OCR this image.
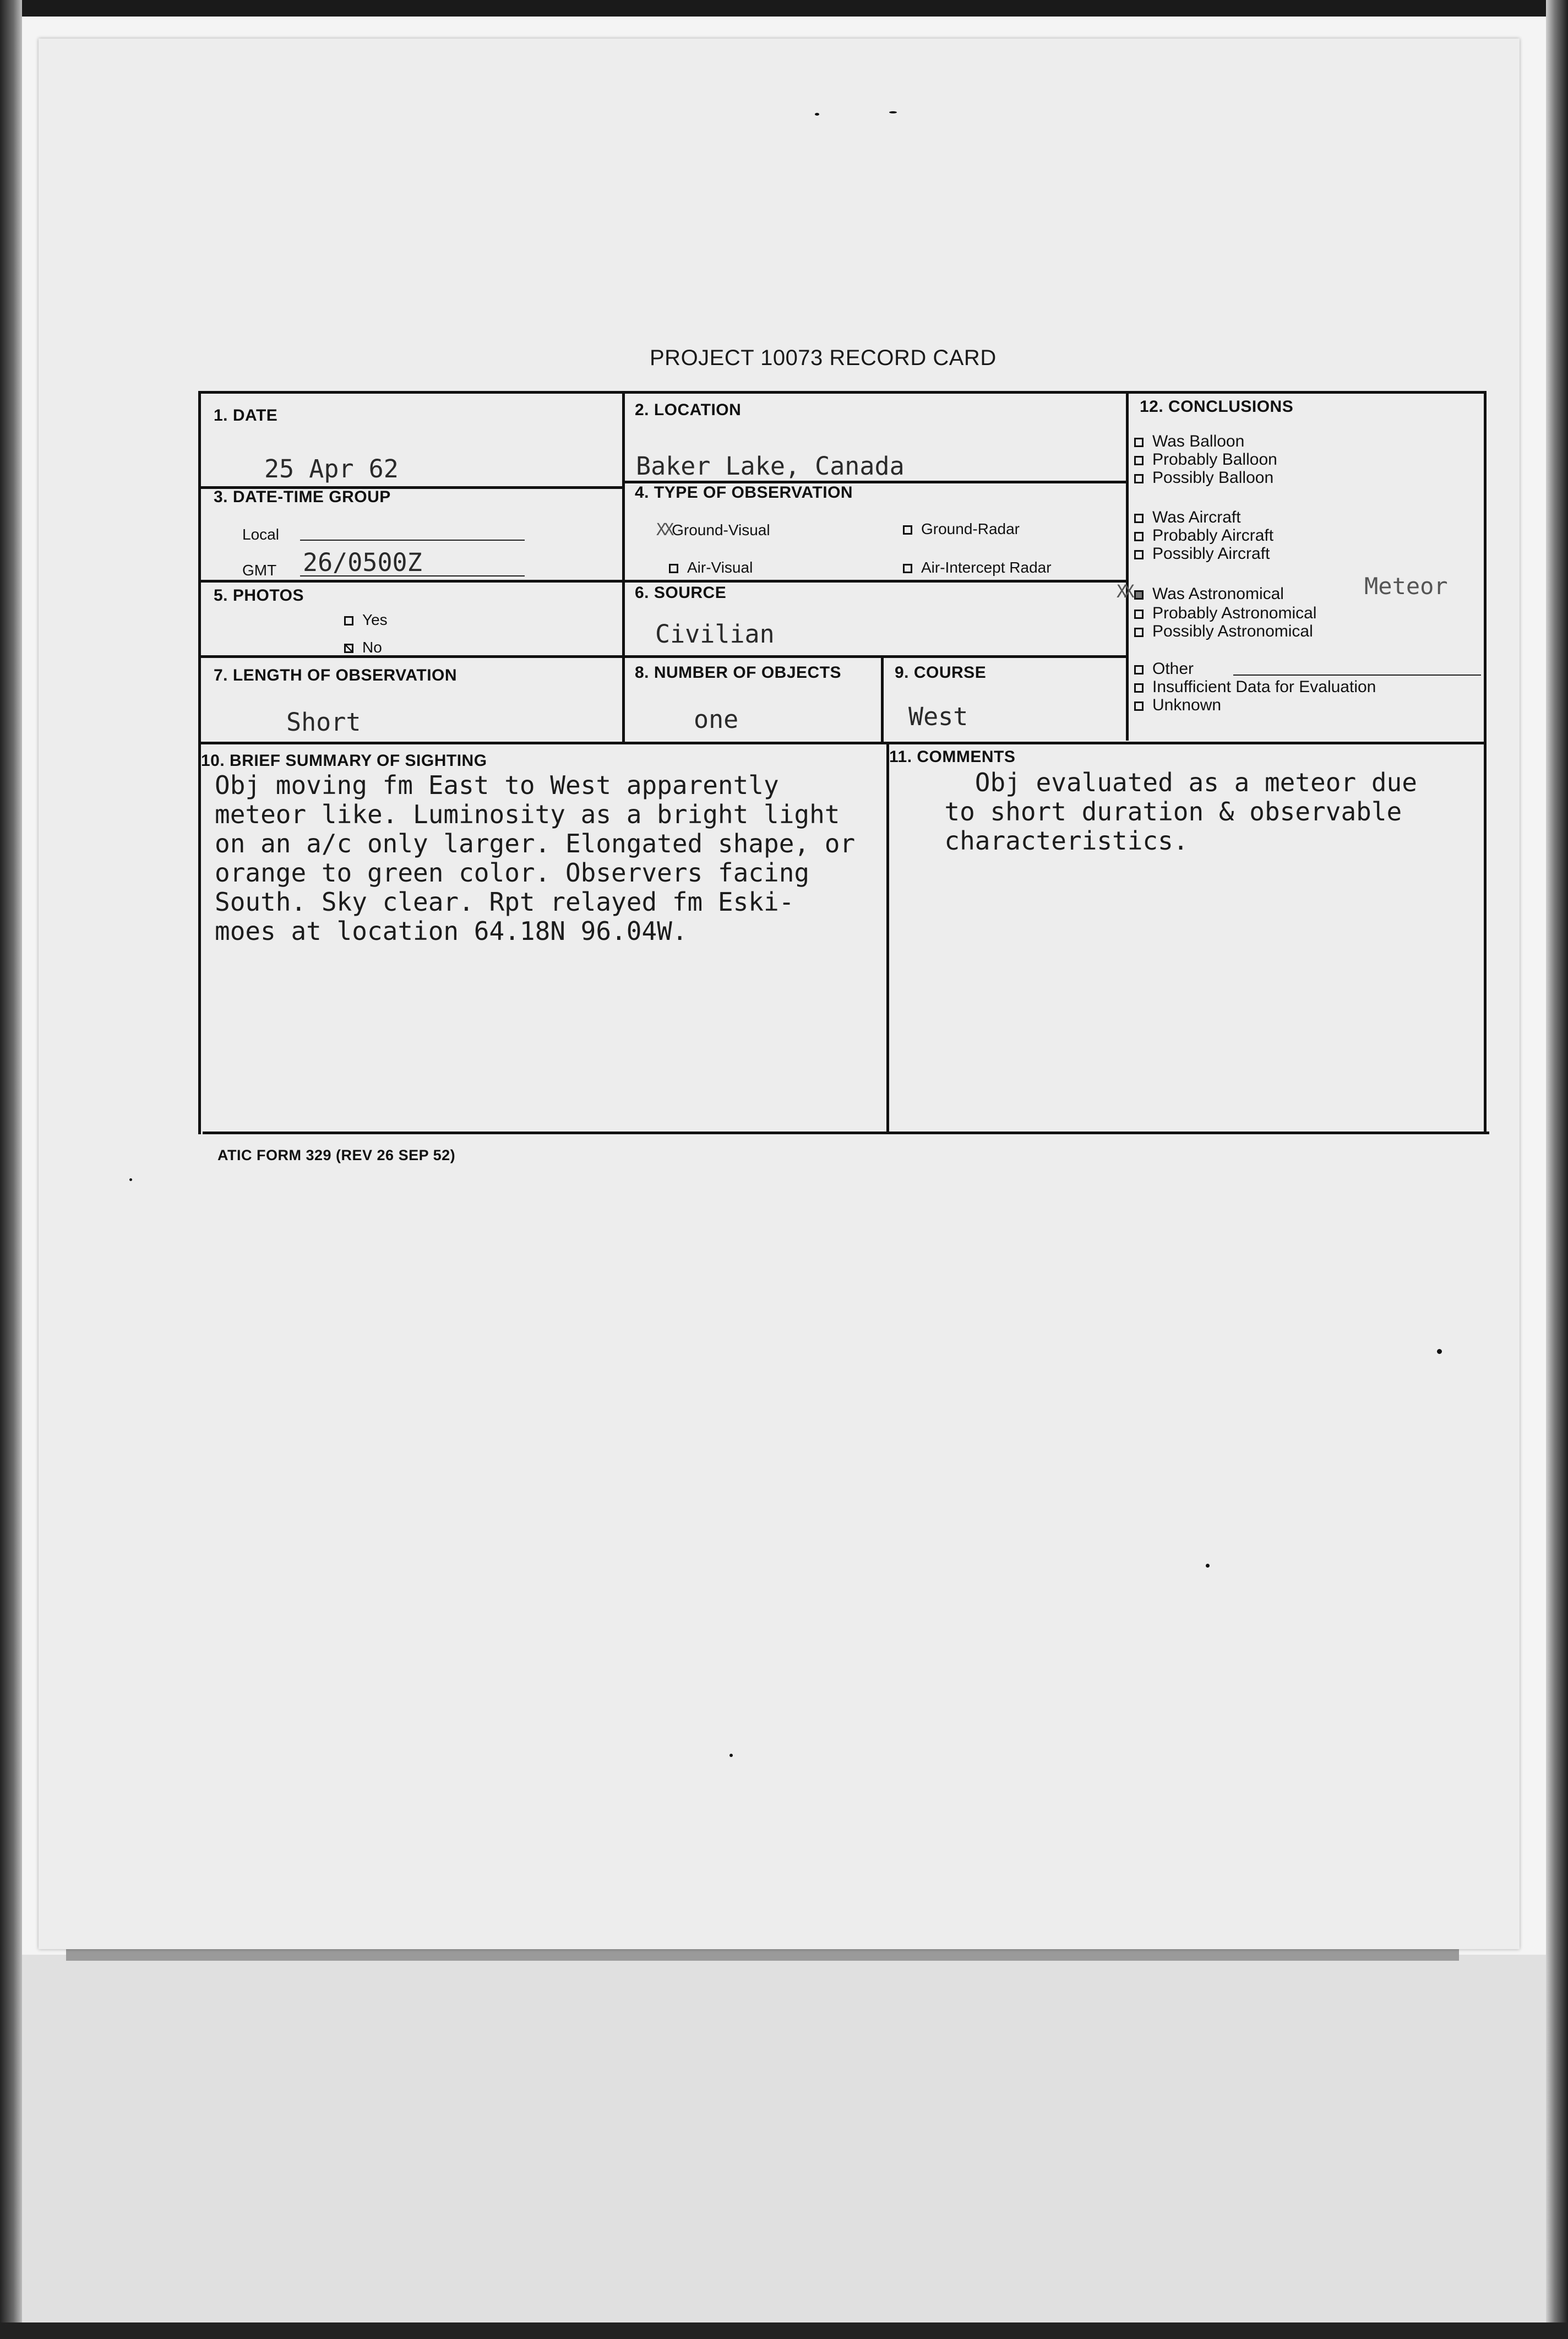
PROJECT 10073 RECORD CARD
1. DATE
25 Apr 62
2. LOCATION
Baker Lake, Canada
3. DATE-TIME GROUP
Local
GMT 26/0500Z
4. TYPE OF OBSERVATION
XXGround-Visual	Ground-Radar
Air-Visual	Air-Intercept Radar
5. PHOTOS
Yes
No
6. SOURCE
Civilian
7. LENGTH OF OBSERVATION
Short
8. NUMBER OF OBJECTS
one
9. COURSE
West
10. BRIEF SUMMARY OF SIGHTING
Obj moving fm East to West apparently
meteor like. Luminosity as a bright light
on an a/c only larger. Elongated shape, or
orange to green color. Observers facing
South. Sky clear. Rpt relayed fm Eski-
moes at location 64.18N 96.04W.
11. COMMENTS
Obj evaluated as a meteor due
to short duration & observable
characteristics.
12. CONCLUSIONS
Was Balloon
Probably Balloon
Possibly Balloon
Was Aircraft
Probably Aircraft
Possibly Aircraft
XX	Was Astronomical	Meteor
Probably Astronomical
Possibly Astronomical
Other
Insufficient Data for Evaluation
Unknown
ATIC FORM 329 (REV 26 SEP 52)
